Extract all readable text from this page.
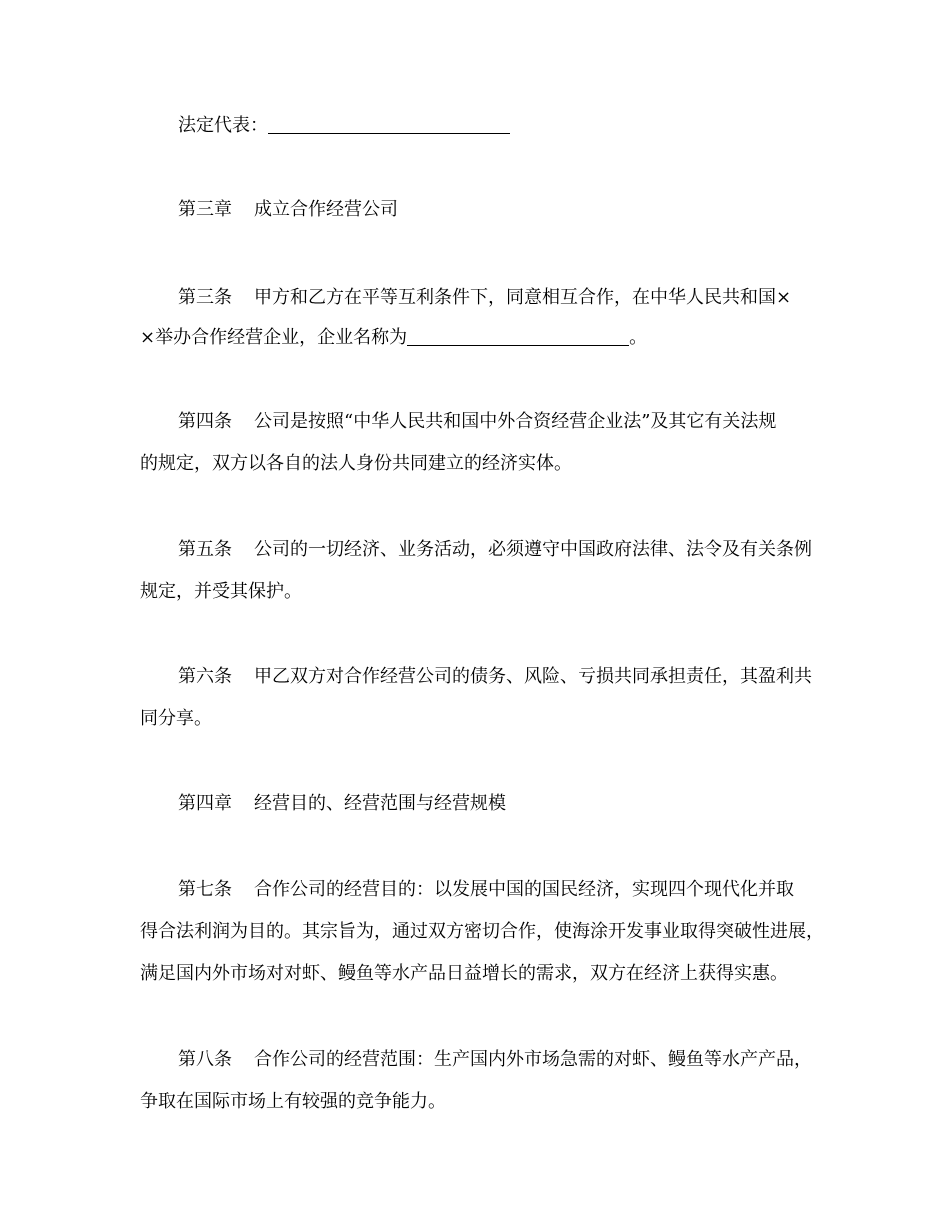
法定代表：
第三章 成立合作经营公司
第三条 甲方和乙方在平等互利条件下，同意相互合作，在中华人民共和国×
×举办合作经营企业，企业名称为	。
第四条 公司是按照“中华人民共和国中外合资经营企业法”及其它有关法规
的规定，双方以各自的法人身份共同建立的经济实体。
第五条 公司的一切经济、业务活动，必须遵守中国政府法律、法令及有关条例
规定，并受其保护。
第六条 甲乙双方对合作经营公司的债务、风险、亏损共同承担责任，其盈利共
同分享。
第四章 经营目的、经营范围与经营规模
第七条 合作公司的经营目的：以发展中国的国民经济，实现四个现代化并取
得合法利润为目的。其宗旨为，通过双方密切合作，使海涂开发事业取得突破性进展，
满足国内外市场对对虾、鳗鱼等水产品日益增长的需求，双方在经济上获得实惠。
第八条 合作公司的经营范围：生产国内外市场急需的对虾、鳗鱼等水产产品，
争取在国际市场上有较强的竞争能力。
